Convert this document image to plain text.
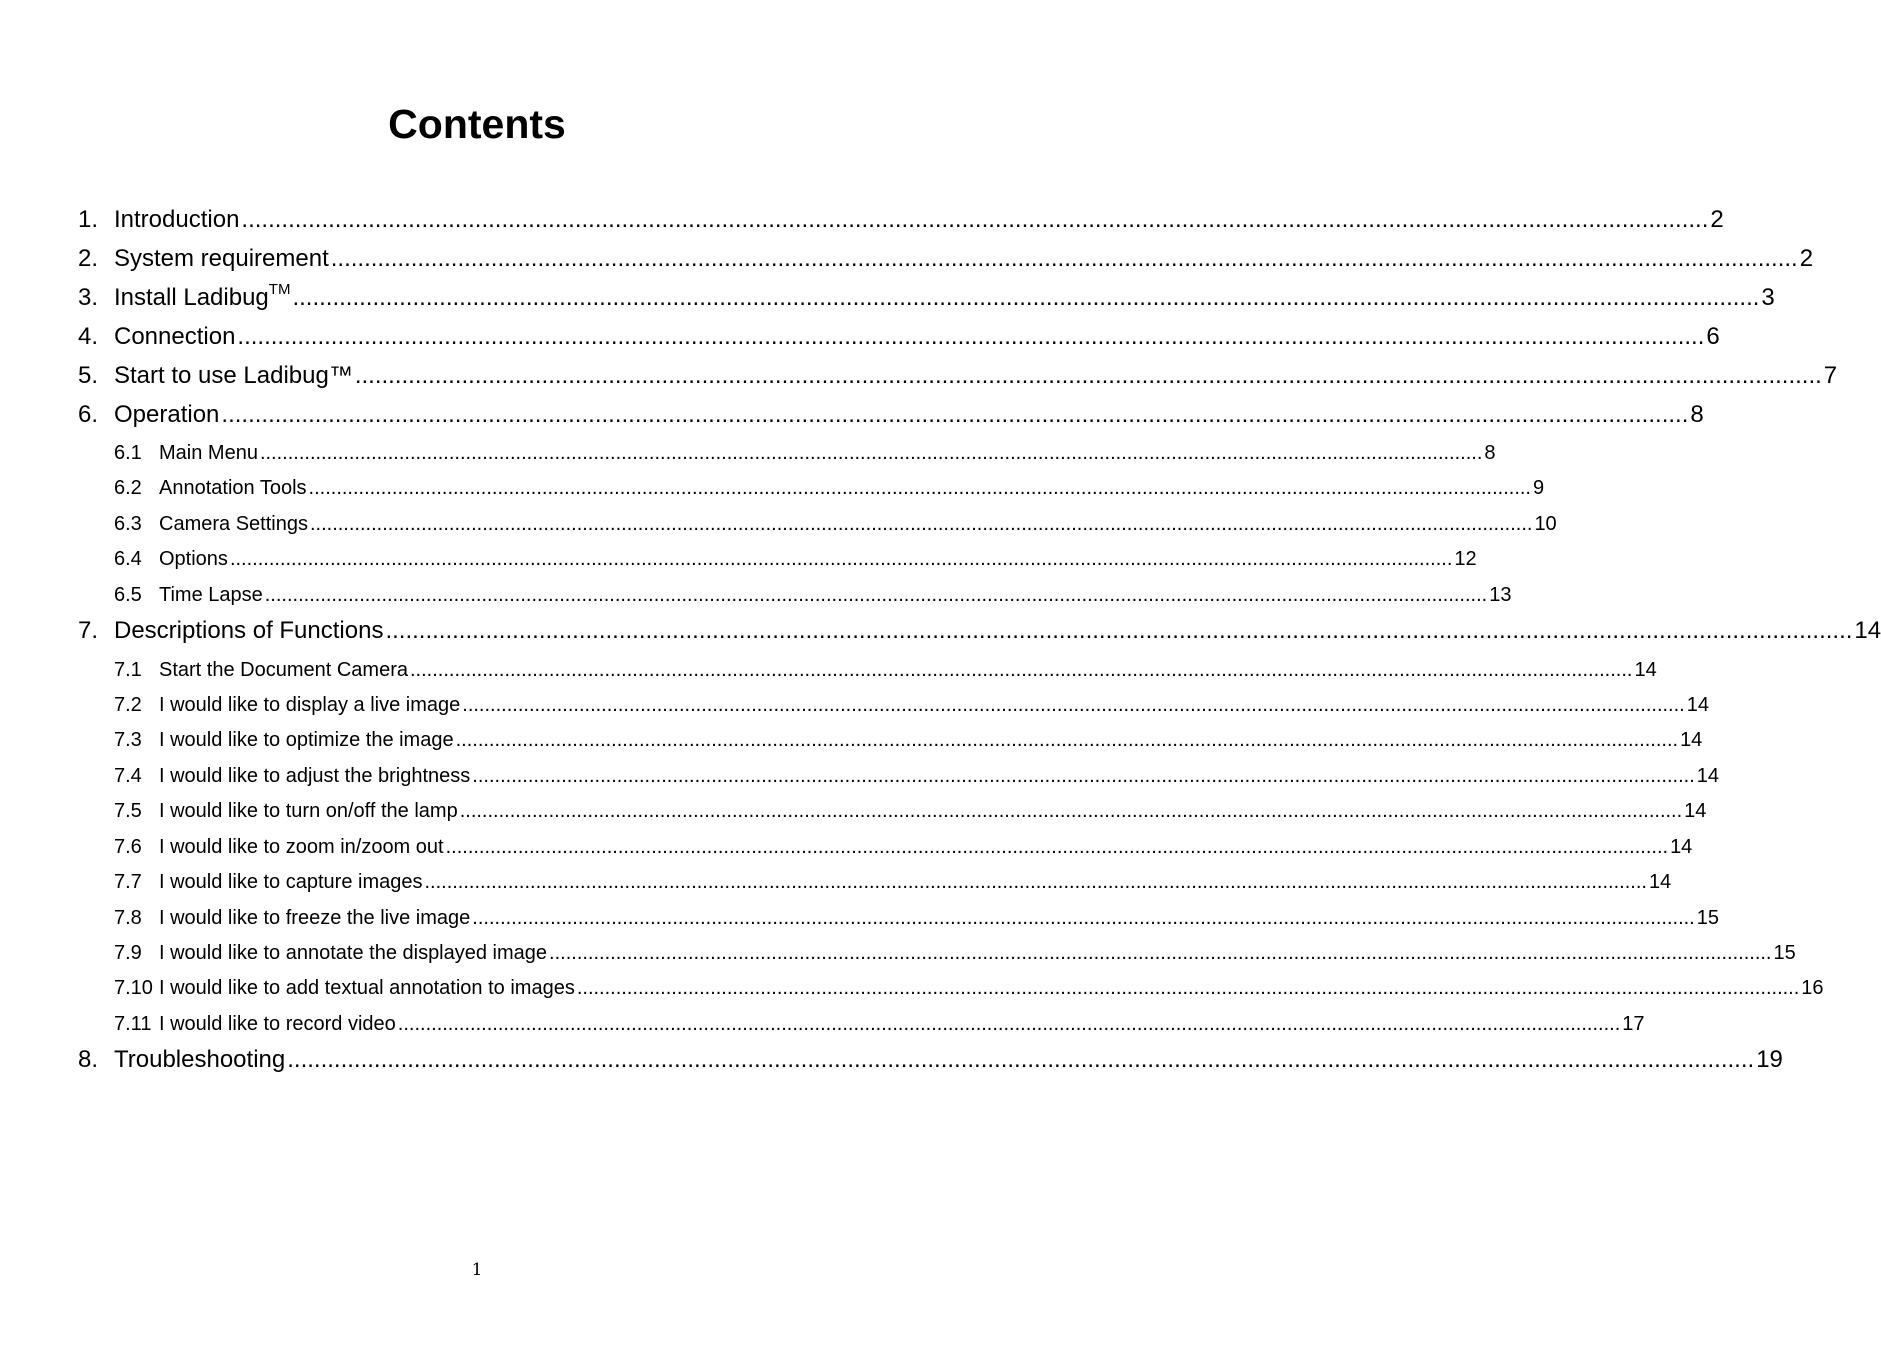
Contents
1. Introduction ............................................................................................................................................................................................................................ 2
2. System requirement ............................................................................................................................................................................................................................ 2
3. Install Ladibug™ ............................................................................................................................................................................................................................ 3
4. Connection ............................................................................................................................................................................................................................ 6
5. Start to use Ladibug™ ............................................................................................................................................................................................................................ 7
6. Operation ............................................................................................................................................................................................................................ 8
6.1 Main Menu ............................................................................................................................................................................................................................ 8
6.2 Annotation Tools ............................................................................................................................................................................................................................ 9
6.3 Camera Settings ............................................................................................................................................................................................................................ 10
6.4 Options ............................................................................................................................................................................................................................ 12
6.5 Time Lapse ............................................................................................................................................................................................................................ 13
7. Descriptions of Functions ............................................................................................................................................................................................................................ 14
7.1 Start the Document Camera ............................................................................................................................................................................................................................ 14
7.2 I would like to display a live image ............................................................................................................................................................................................................................ 14
7.3 I would like to optimize the image ............................................................................................................................................................................................................................ 14
7.4 I would like to adjust the brightness ............................................................................................................................................................................................................................ 14
7.5 I would like to turn on/off the lamp ............................................................................................................................................................................................................................ 14
7.6 I would like to zoom in/zoom out ............................................................................................................................................................................................................................ 14
7.7 I would like to capture images ............................................................................................................................................................................................................................ 14
7.8 I would like to freeze the live image ............................................................................................................................................................................................................................ 15
7.9 I would like to annotate the displayed image ............................................................................................................................................................................................................................ 15
7.10 I would like to add textual annotation to images ............................................................................................................................................................................................................................ 16
7.11 I would like to record video ............................................................................................................................................................................................................................ 17
8. Troubleshooting ............................................................................................................................................................................................................................ 19
1
